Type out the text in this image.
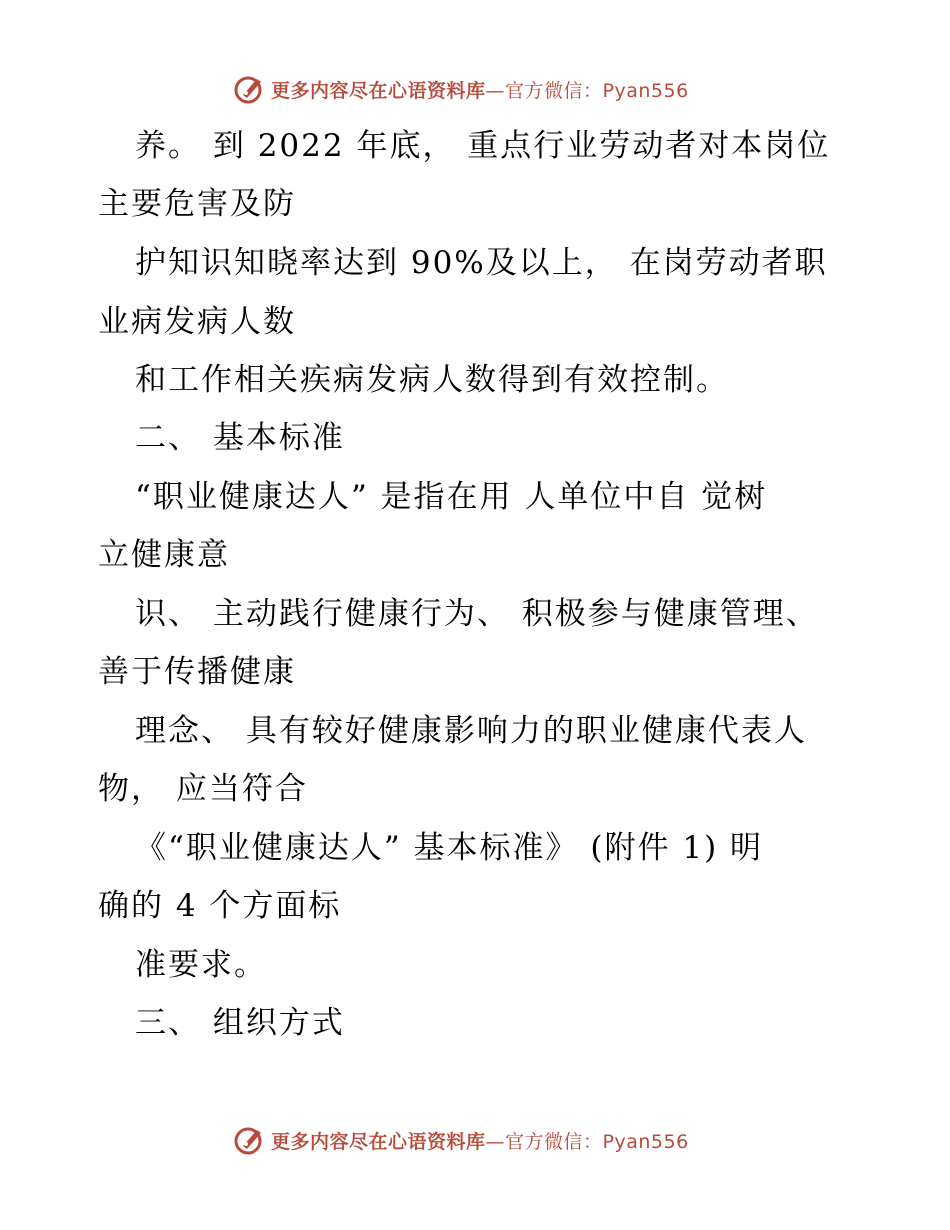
更多内容尽在心语资料库 —官方微信：Pyan556
养。 到 2022 年底， 重点行业劳动者对本岗位
主要危害及防
护知识知晓率达到 90%及以上， 在岗劳动者职
业病发病人数
和工作相关疾病发病人数得到有效控制。
二、 基本标准
“职业健康达人” 是指在用 人单位中自 觉树
立健康意
识、 主动践行健康行为、 积极参与健康管理、
善于传播健康
理念、 具有较好健康影响力的职业健康代表人
物， 应当符合
《“职业健康达人” 基本标准》 (附件 1) 明
确的 4 个方面标
准要求。
三、 组织方式
更多内容尽在心语资料库 —官方微信：Pyan556
